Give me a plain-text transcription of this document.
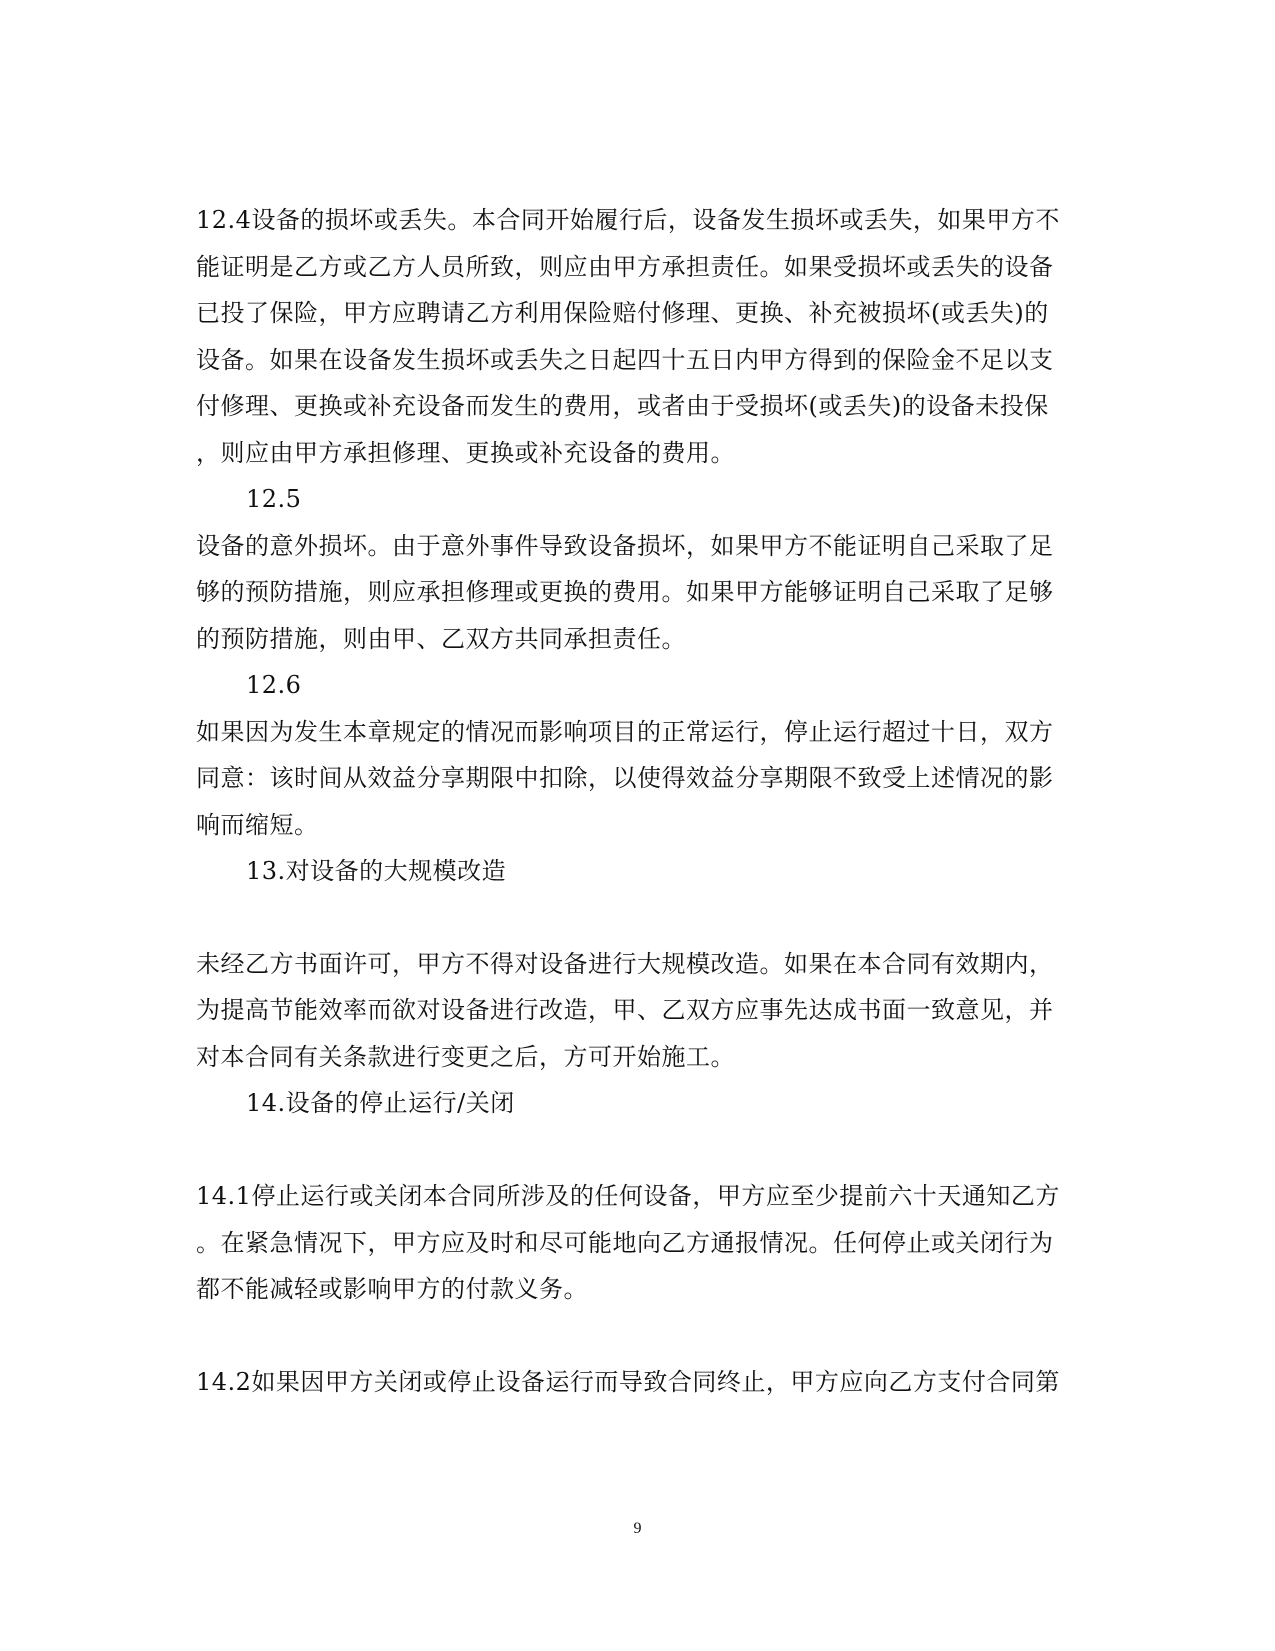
12.4设备的损坏或丢失。本合同开始履行后，设备发生损坏或丢失，如果甲方不
能证明是乙方或乙方人员所致，则应由甲方承担责任。如果受损坏或丢失的设备
已投了保险，甲方应聘请乙方利用保险赔付修理、更换、补充被损坏(或丢失)的
设备。如果在设备发生损坏或丢失之日起四十五日内甲方得到的保险金不足以支
付修理、更换或补充设备而发生的费用，或者由于受损坏(或丢失)的设备未投保
，则应由甲方承担修理、更换或补充设备的费用。
12.5
设备的意外损坏。由于意外事件导致设备损坏，如果甲方不能证明自己采取了足
够的预防措施，则应承担修理或更换的费用。如果甲方能够证明自己采取了足够
的预防措施，则由甲、乙双方共同承担责任。
12.6
如果因为发生本章规定的情况而影响项目的正常运行，停止运行超过十日，双方
同意：该时间从效益分享期限中扣除，以使得效益分享期限不致受上述情况的影
响而缩短。
13.对设备的大规模改造
未经乙方书面许可，甲方不得对设备进行大规模改造。如果在本合同有效期内，
为提高节能效率而欲对设备进行改造，甲、乙双方应事先达成书面一致意见，并
对本合同有关条款进行变更之后，方可开始施工。
14.设备的停止运行/关闭
14.1停止运行或关闭本合同所涉及的任何设备，甲方应至少提前六十天通知乙方
。在紧急情况下，甲方应及时和尽可能地向乙方通报情况。任何停止或关闭行为
都不能减轻或影响甲方的付款义务。
14.2如果因甲方关闭或停止设备运行而导致合同终止，甲方应向乙方支付合同第
9
